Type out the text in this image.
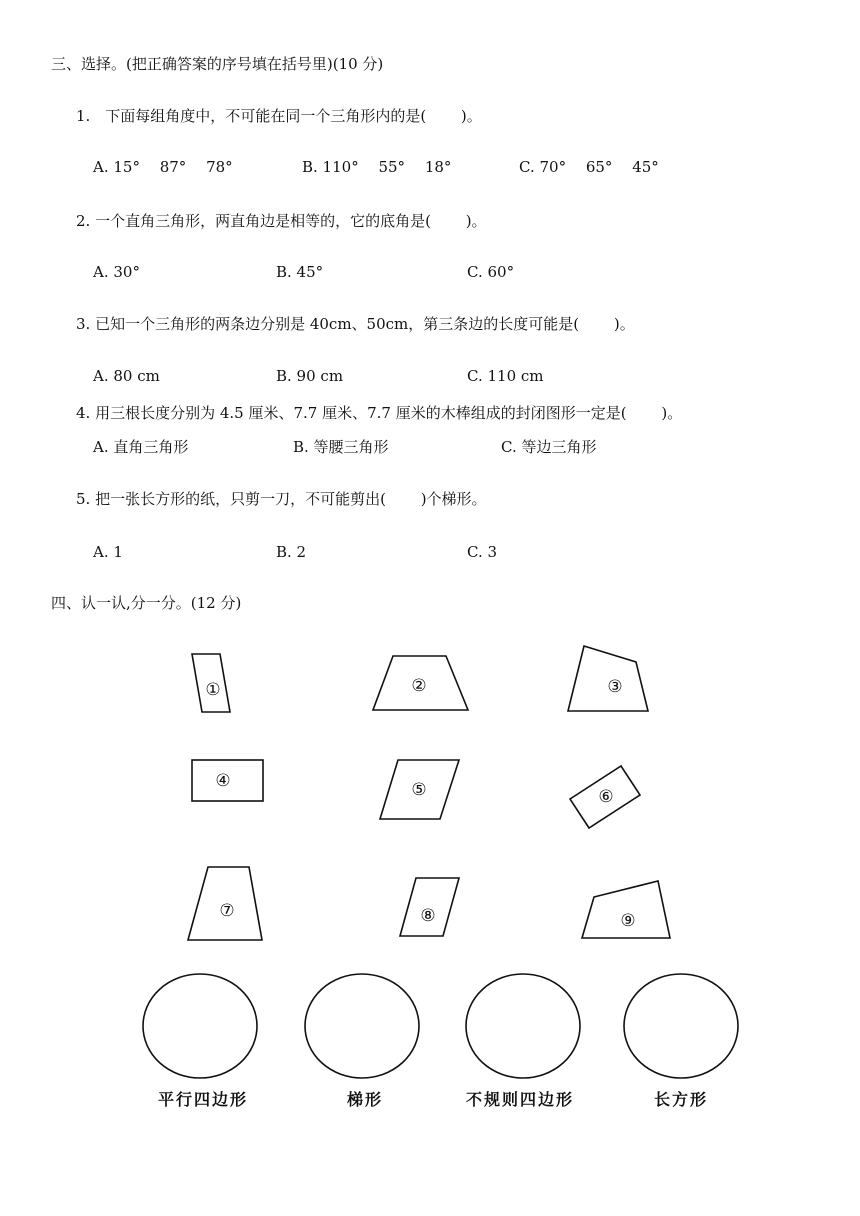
三、选择。(把正确答案的序号填在括号里)(10 分)
1.　下面每组角度中，不可能在同一个三角形内的是(　　 )。
A. 15°　 87°　 78°	B. 110°　 55°　 18°	C. 70°　 65°　 45°
2. 一个直角三角形，两直角边是相等的，它的底角是(　　 )。
A. 30°	B. 45°	C. 60°
3. 已知一个三角形的两条边分别是 40cm、50cm，第三条边的长度可能是(　　 )。
A. 80 cm	B. 90 cm	C. 110 cm
4. 用三根长度分别为 4.5 厘米、7.7 厘米、7.7 厘米的木棒组成的封闭图形一定是(　　 )。
A. 直角三角形	B. 等腰三角形	C. 等边三角形
5. 把一张长方形的纸，只剪一刀，不可能剪出(　　 )个梯形。
A. 1	B. 2	C. 3
四、认一认,分一分。(12 分)
①	②	③
④	⑤	⑥
⑦	⑧	⑨
平行四边形	梯形	不规则四边形	长方形
